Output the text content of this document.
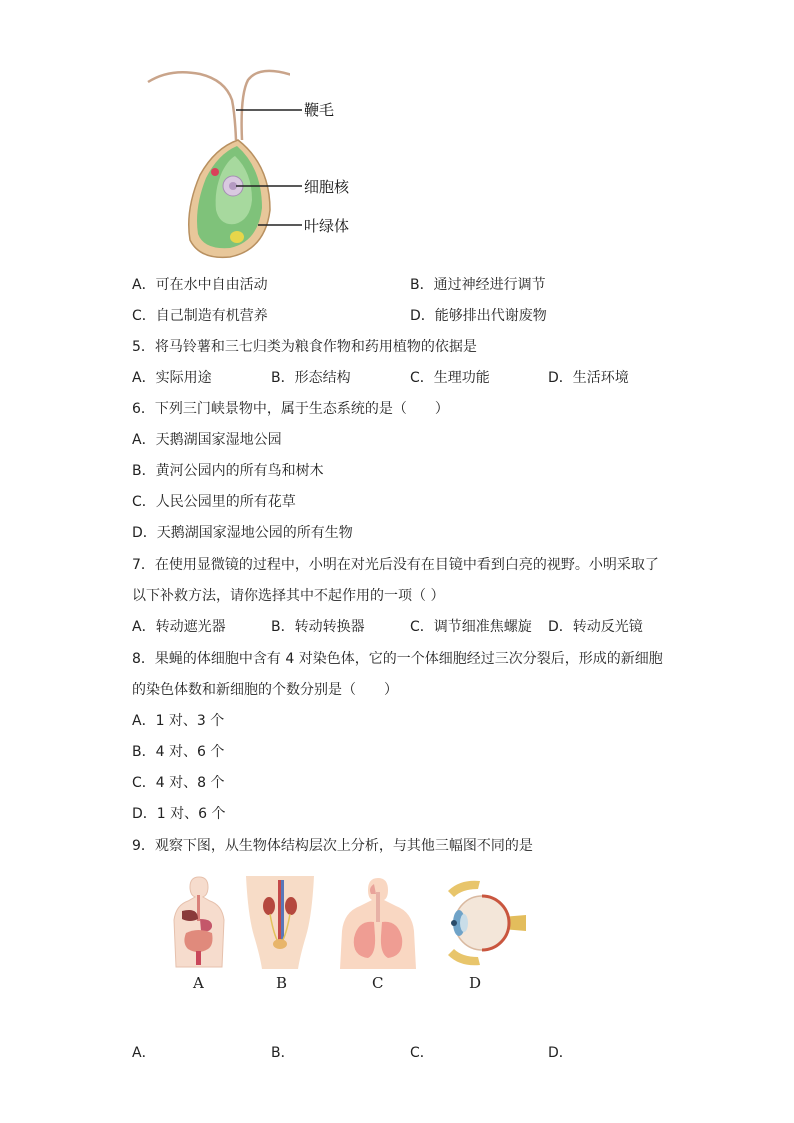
鞭毛
细胞核
叶绿体
A．可在水中自由活动	B．通过神经进行调节
C．自己制造有机营养	D．能够排出代谢废物
5．将马铃薯和三七归类为粮食作物和药用植物的依据是
A．实际用途	B．形态结构	C．生理功能	D．生活环境
6．下列三门峡景物中，属于生态系统的是（　　）
A．天鹅湖国家湿地公园
B．黄河公园内的所有鸟和树木
C．人民公园里的所有花草
D．天鹅湖国家湿地公园的所有生物
7．在使用显微镜的过程中，小明在对光后没有在目镜中看到白亮的视野。小明采取了
以下补救方法，请你选择其中不起作用的一项（ ）
A．转动遮光器	B．转动转换器	C．调节细准焦螺旋 D．转动反光镜
8．果蝇的体细胞中含有 4 对染色体，它的一个体细胞经过三次分裂后，形成的新细胞
的染色体数和新细胞的个数分别是（　　）
A．1 对、3 个
B．4 对、6 个
C．4 对、8 个
D．1 对、6 个
9．观察下图，从生物体结构层次上分析，与其他三幅图不同的是
A	B	C	D
A．	B．	C．	D．
